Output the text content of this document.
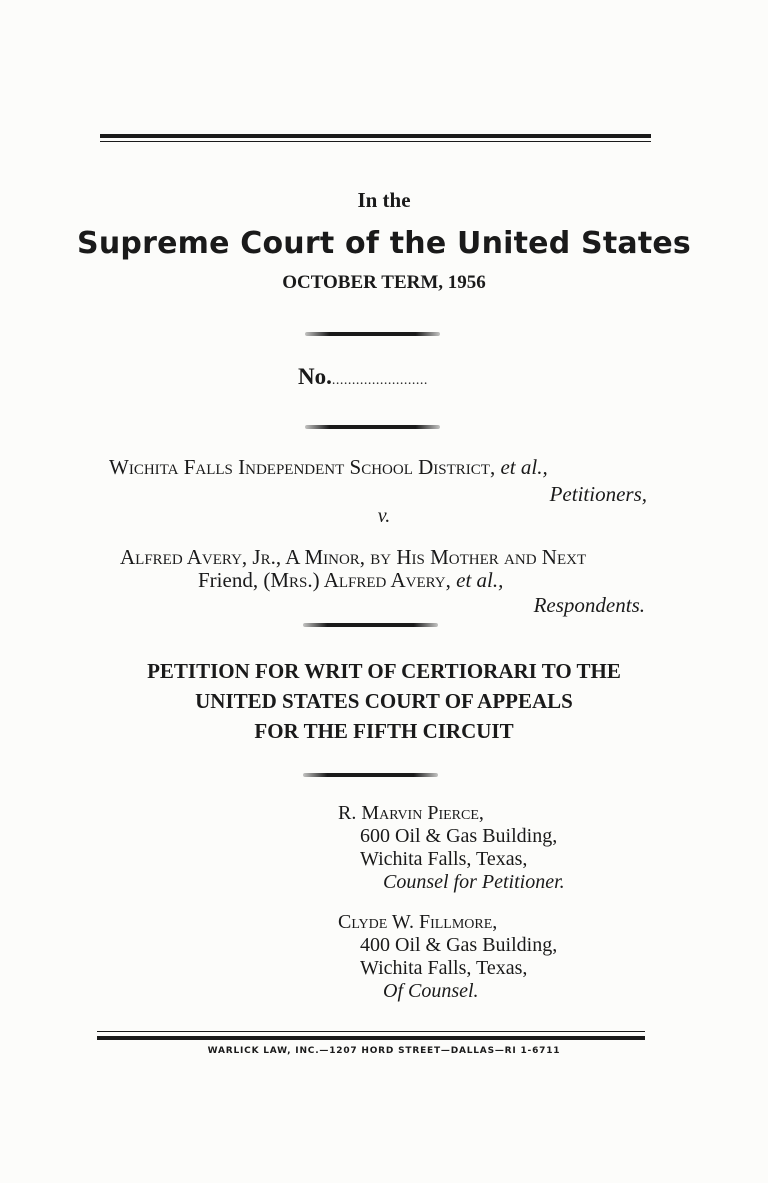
In the
Supreme Court of the United States
OCTOBER TERM, 1956
No.........................
Wichita Falls Independent School District, et al.,
Petitioners,
v.
Alfred Avery, Jr., A Minor, by His Mother and Next
Friend, (Mrs.) Alfred Avery, et al.,
Respondents.
PETITION FOR WRIT OF CERTIORARI TO THE
UNITED STATES COURT OF APPEALS
FOR THE FIFTH CIRCUIT
R. Marvin Pierce,
600 Oil & Gas Building,
Wichita Falls, Texas,
Counsel for Petitioner.
Clyde W. Fillmore,
400 Oil & Gas Building,
Wichita Falls, Texas,
Of Counsel.
WARLICK LAW, INC.—1207 HORD STREET—DALLAS—RI 1-6711
